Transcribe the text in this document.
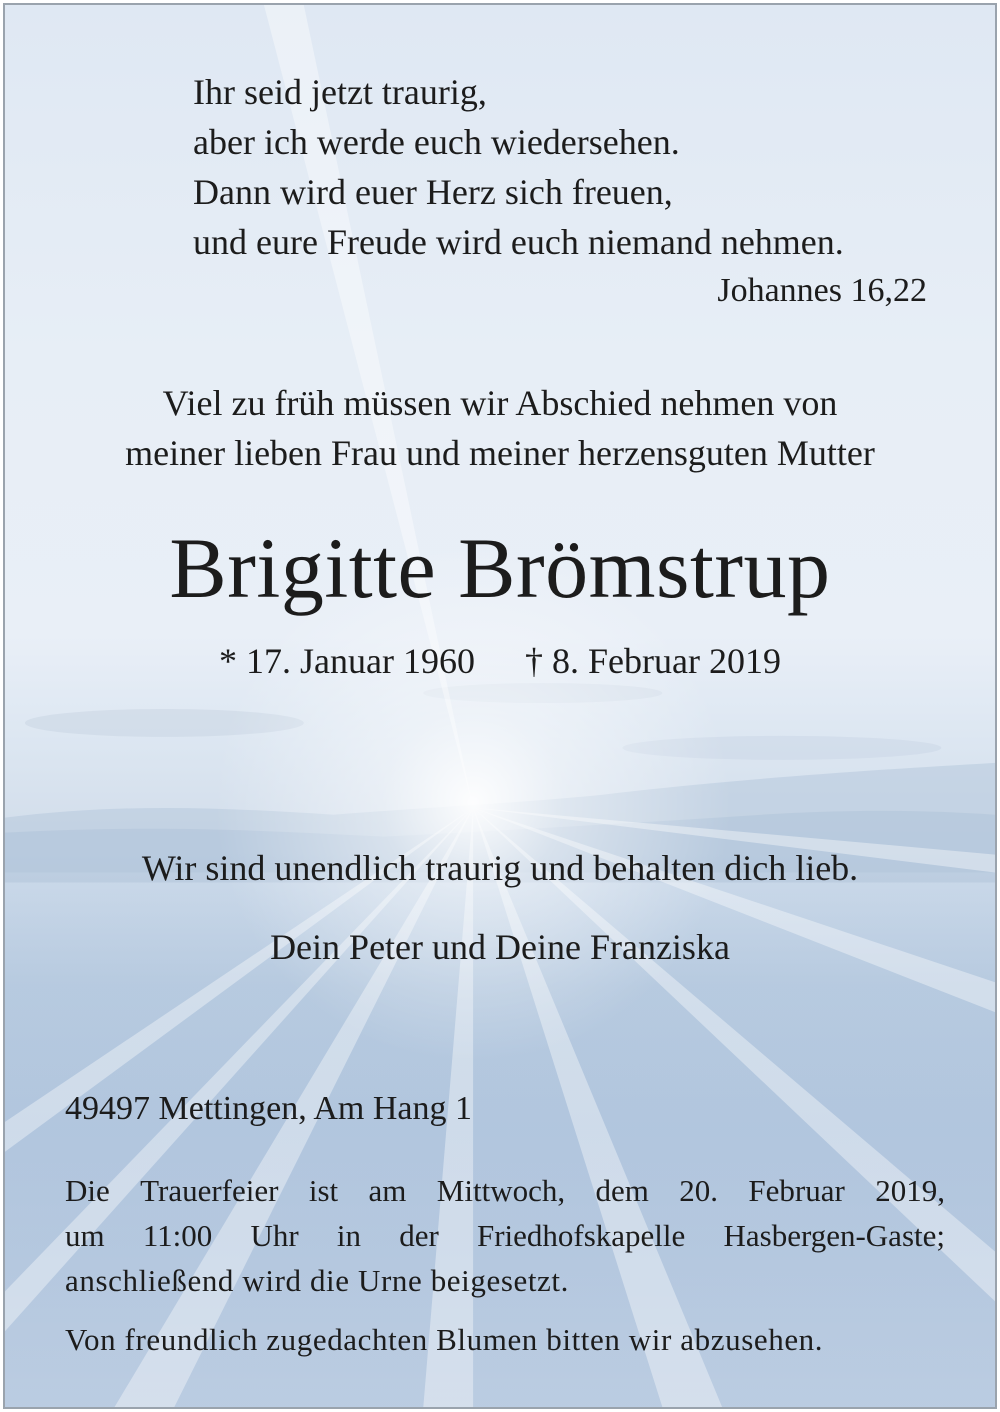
Ihr seid jetzt traurig,
aber ich werde euch wiedersehen.
Dann wird euer Herz sich freuen,
und eure Freude wird euch niemand nehmen.
Johannes 16,22
Viel zu früh müssen wir Abschied nehmen von
meiner lieben Frau und meiner herzensguten Mutter
Brigitte Brömstrup
* 17. Januar 1960 † 8. Februar 2019
Wir sind unendlich traurig und behalten dich lieb.
Dein Peter und Deine Franziska
49497 Mettingen, Am Hang 1
Die Trauerfeier ist am Mittwoch, dem 20. Februar 2019,
um 11:00 Uhr in der Friedhofskapelle Hasbergen-Gaste;
anschließend wird die Urne beigesetzt.
Von freundlich zugedachten Blumen bitten wir abzusehen.
